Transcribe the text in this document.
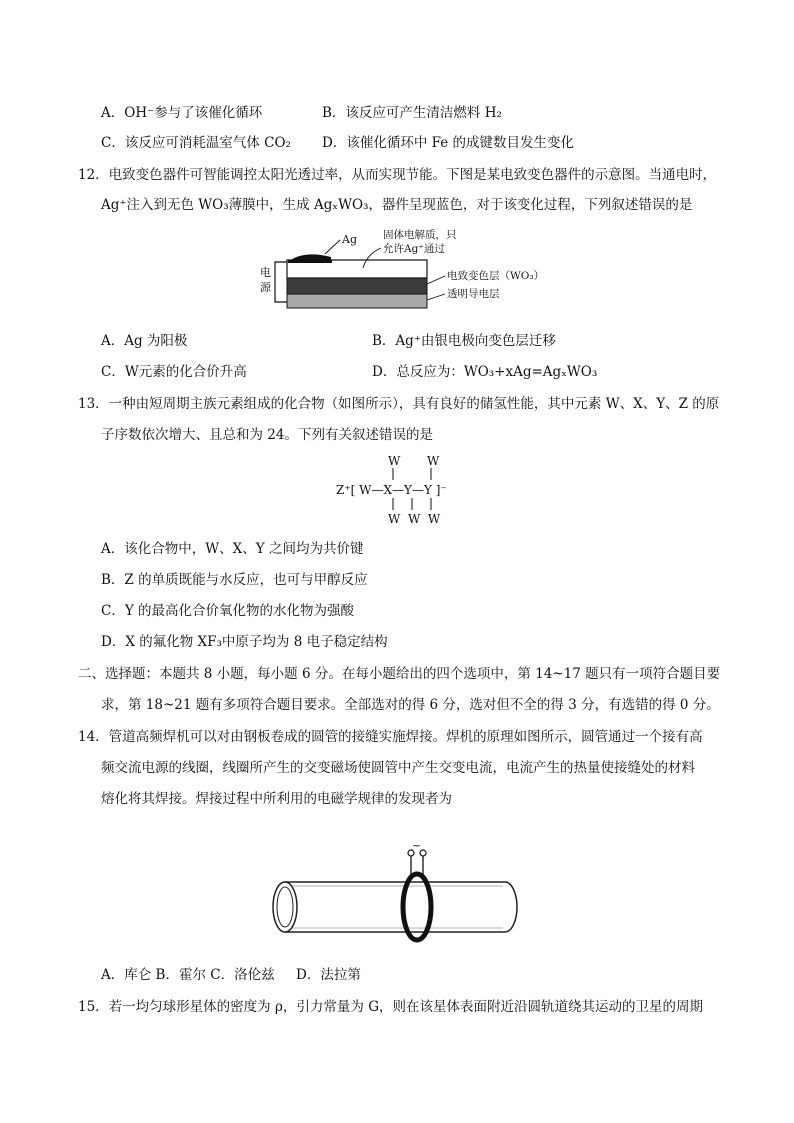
A．OH⁻参与了该催化循环	B．该反应可产生清洁燃料 H₂
C．该反应可消耗温室气体 CO₂ D．该催化循环中 Fe 的成键数目发生变化
12．电致变色器件可智能调控太阳光透过率，从而实现节能。下图是某电致变色器件的示意图。当通电时，
Ag⁺注入到无色 WO₃薄膜中，生成 AgₓWO₃，器件呈现蓝色，对于该变化过程，下列叙述错误的是
电
源
Ag 固体电解质，只
允许Ag⁺通过
电致变色层（WO₃）
透明导电层
A．Ag 为阳极	B．Ag⁺由银电极向变色层迁移
C．W元素的化合价升高	D．总反应为：WO₃+xAg=AgₓWO₃
13．一种由短周期主族元素组成的化合物（如图所示），具有良好的储氢性能，其中元素 W、X、Y、Z 的原
子序数依次增大、且总和为 24。下列有关叙述错误的是
W W
Z⁺[ W—X—Y—Y ]⁻
W  W  W
A．该化合物中，W、X、Y 之间均为共价键
B．Z 的单质既能与水反应，也可与甲醇反应
C．Y 的最高化合价氧化物的水化物为强酸
D．X 的氟化物 XF₃中原子均为 8 电子稳定结构
二、选择题：本题共 8 小题，每小题 6 分。在每小题给出的四个选项中，第 14~17 题只有一项符合题目要
求，第 18~21 题有多项符合题目要求。全部选对的得 6 分，选对但不全的得 3 分，有选错的得 0 分。
14．管道高频焊机可以对由钢板卷成的圆管的接缝实施焊接。焊机的原理如图所示，圆管通过一个接有高
频交流电源的线圈，线圈所产生的交变磁场使圆管中产生交变电流，电流产生的热量使接缝处的材料
熔化将其焊接。焊接过程中所利用的电磁学规律的发现者为
~
A．库仑 B．霍尔 C．洛伦兹     D．法拉第
15．若一均匀球形星体的密度为 ρ，引力常量为 G，则在该星体表面附近沿圆轨道绕其运动的卫星的周期
